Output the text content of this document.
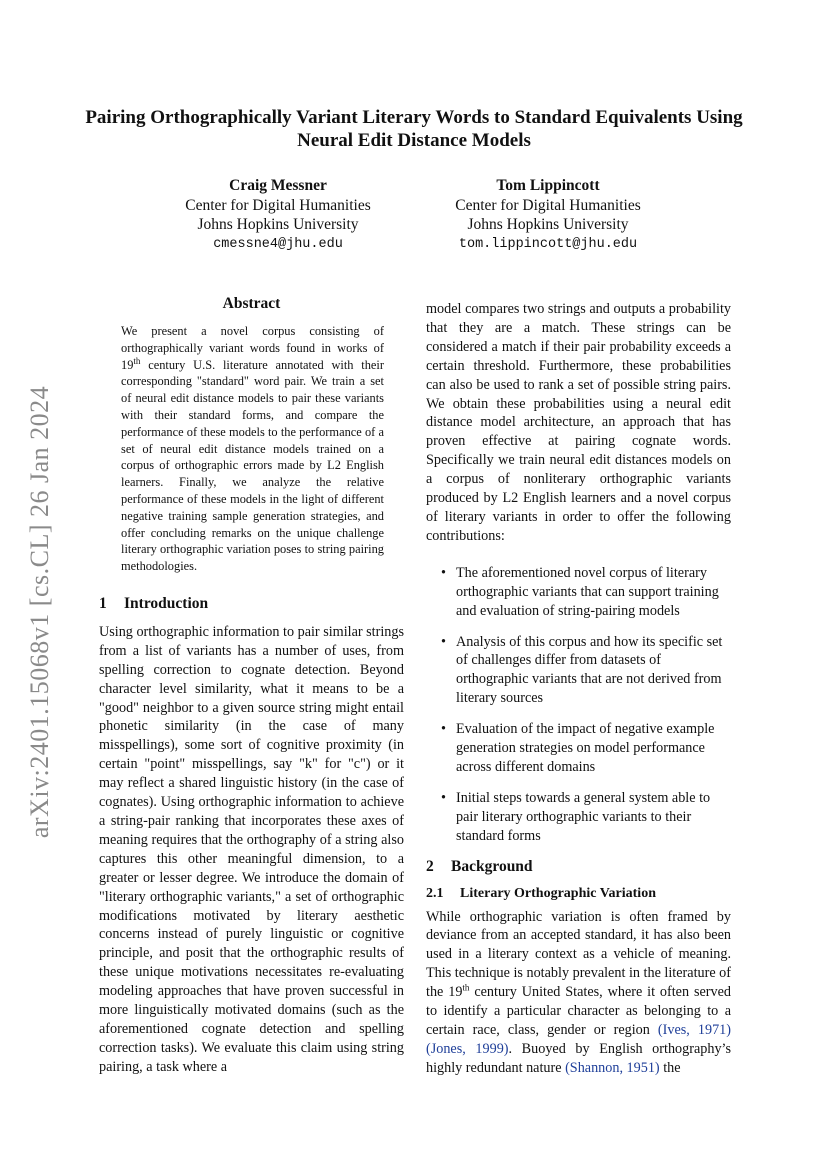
arXiv:2401.15068v1 [cs.CL] 26 Jan 2024
Pairing Orthographically Variant Literary Words to Standard Equivalents Using Neural Edit Distance Models
Craig Messner
Center for Digital Humanities
Johns Hopkins University
cmessne4@jhu.edu
Tom Lippincott
Center for Digital Humanities
Johns Hopkins University
tom.lippincott@jhu.edu
Abstract

We present a novel corpus consisting of orthographically variant words found in works of 19th century U.S. literature annotated with their corresponding "standard" word pair. We train a set of neural edit distance models to pair these variants with their standard forms, and compare the performance of these models to the performance of a set of neural edit distance models trained on a corpus of orthographic errors made by L2 English learners. Finally, we analyze the relative performance of these models in the light of different negative training sample generation strategies, and offer concluding remarks on the unique challenge literary orthographic variation poses to string pairing methodologies.

1 Introduction

Using orthographic information to pair similar strings from a list of variants has a number of uses, from spelling correction to cognate detection. Beyond character level similarity, what it means to be a "good" neighbor to a given source string might entail phonetic similarity (in the case of many misspellings), some sort of cognitive proximity (in certain "point" misspellings, say "k" for "c") or it may reflect a shared linguistic history (in the case of cognates). Using orthographic information to achieve a string-pair ranking that incorporates these axes of meaning requires that the orthography of a string also captures this other meaningful dimension, to a greater or lesser degree. We introduce the domain of "literary orthographic variants," a set of orthographic modifications motivated by literary aesthetic concerns instead of purely linguistic or cognitive principle, and posit that the orthographic results of these unique motivations necessitates re-evaluating modeling approaches that have proven successful in more linguistically motivated domains (such as the aforementioned cognate detection and spelling correction tasks). We evaluate this claim using string pairing, a task where a

model compares two strings and outputs a probability that they are a match. These strings can be considered a match if their pair probability exceeds a certain threshold. Furthermore, these probabilities can also be used to rank a set of possible string pairs. We obtain these probabilities using a neural edit distance model architecture, an approach that has proven effective at pairing cognate words. Specifically we train neural edit distances models on a corpus of nonliterary orthographic variants produced by L2 English learners and a novel corpus of literary variants in order to offer the following contributions:

• The aforementioned novel corpus of literary orthographic variants that can support training and evaluation of string-pairing models
• Analysis of this corpus and how its specific set of challenges differ from datasets of orthographic variants that are not derived from literary sources
• Evaluation of the impact of negative example generation strategies on model performance across different domains
• Initial steps towards a general system able to pair literary orthographic variants to their standard forms
2 Background
2.1 Literary Orthographic Variation

While orthographic variation is often framed by deviance from an accepted standard, it has also been used in a literary context as a vehicle of meaning. This technique is notably prevalent in the literature of the 19th century United States, where it often served to identify a particular character as belonging to a certain race, class, gender or region (Ives, 1971) (Jones, 1999). Buoyed by English orthography’s highly redundant nature (Shannon, 1951) the
